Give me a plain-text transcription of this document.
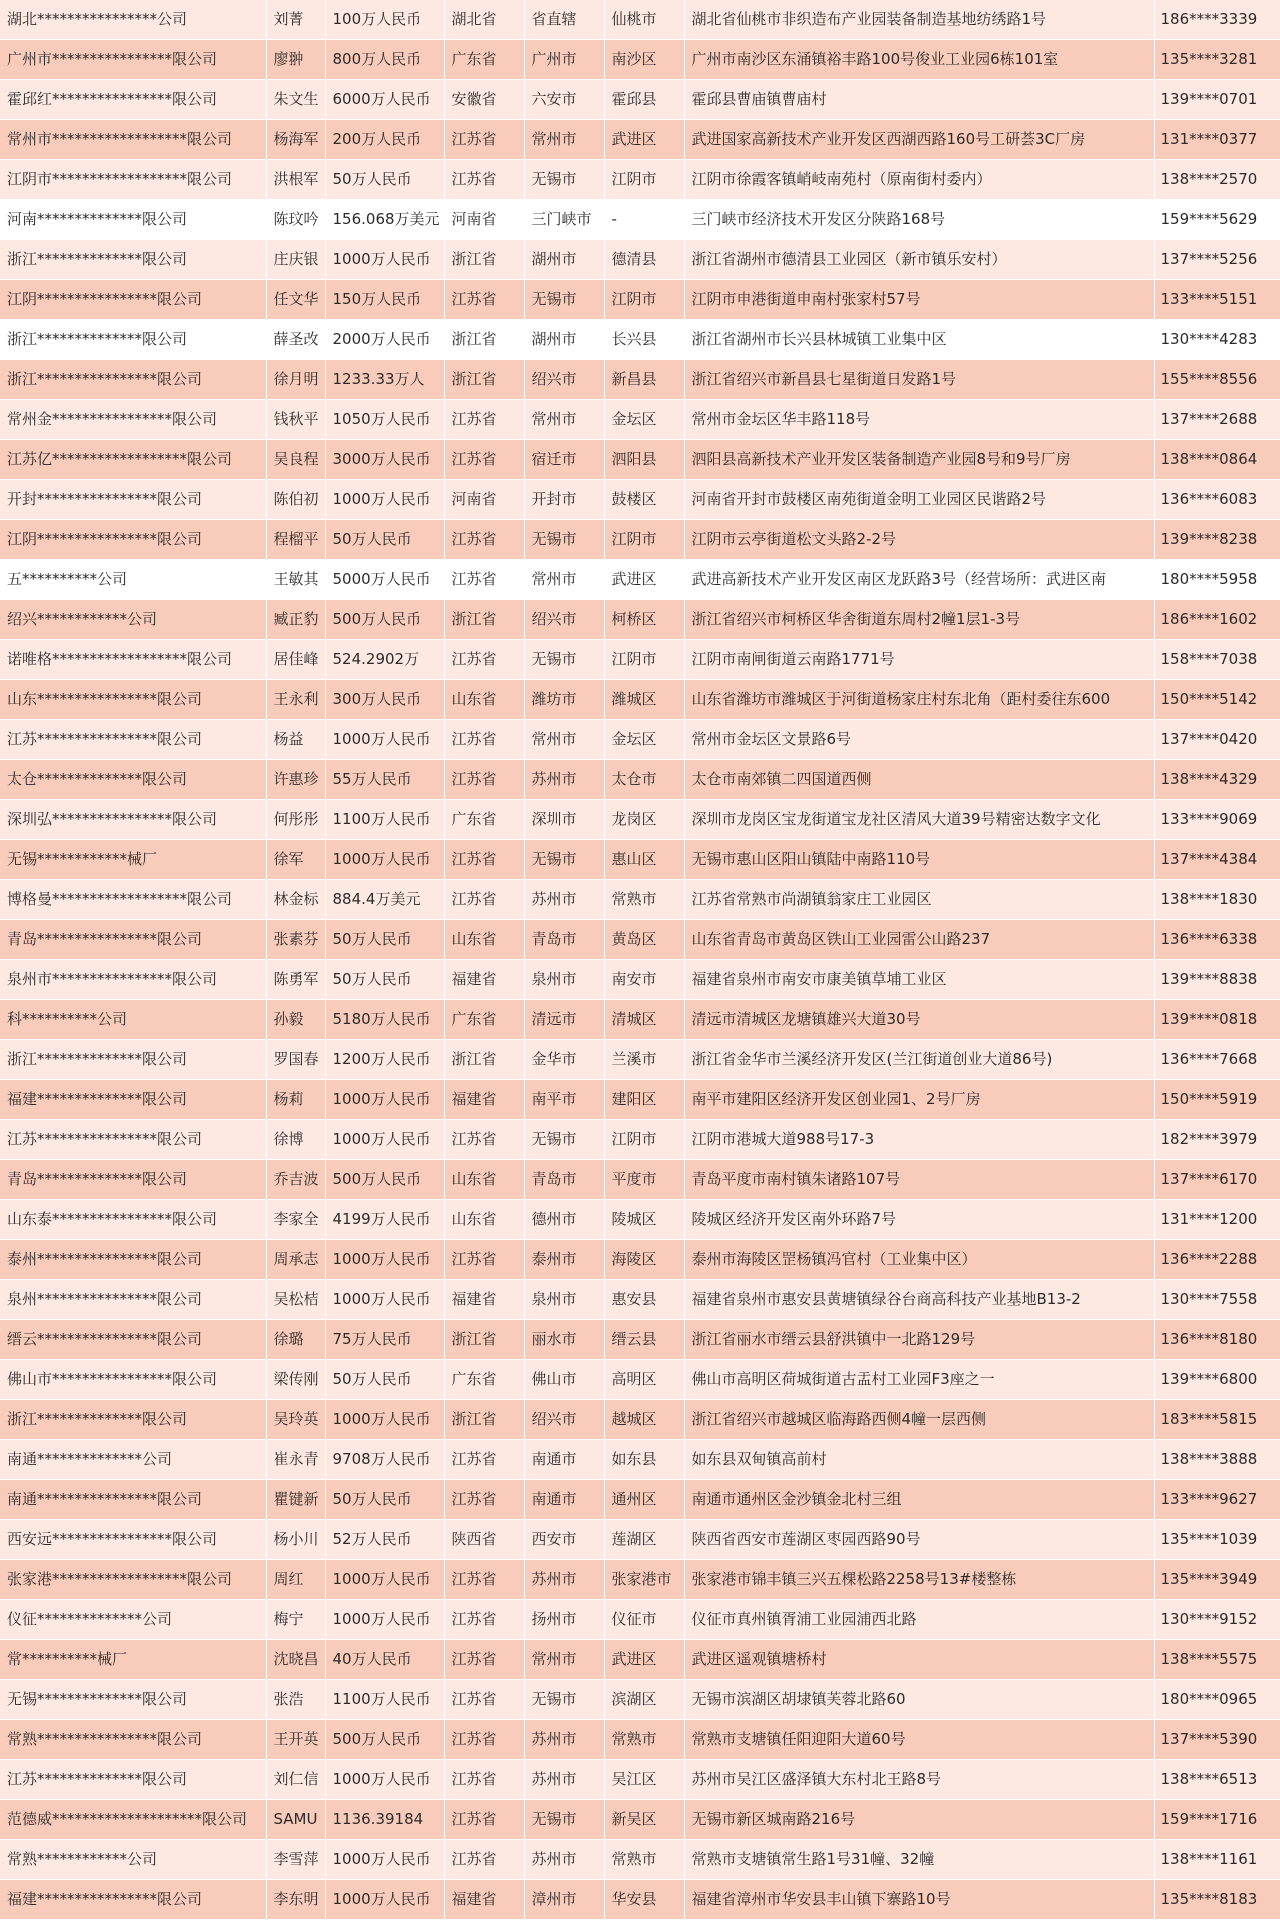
湖北****************公司	刘菁	100万人民币	湖北省	省直辖	仙桃市	湖北省仙桃市非织造布产业园装备制造基地纺绣路1号	186****3339
广州市****************限公司	廖翀	800万人民币	广东省	广州市	南沙区	广州市南沙区东涌镇裕丰路100号俊业工业园6栋101室	135****3281
霍邱红****************限公司	朱文生	6000万人民币	安徽省	六安市	霍邱县	霍邱县曹庙镇曹庙村	139****0701
常州市******************限公司	杨海军	200万人民币	江苏省	常州市	武进区	武进国家高新技术产业开发区西湖西路160号工研荟3C厂房	131****0377
江阴市******************限公司	洪根军	50万人民币	江苏省	无锡市	江阴市	江阴市徐霞客镇峭岐南苑村（原南街村委内）	138****2570
河南**************限公司	陈玟吟	156.068万美元	河南省	三门峡市	-	三门峡市经济技术开发区分陕路168号	159****5629
浙江**************限公司	庄庆银	1000万人民币	浙江省	湖州市	德清县	浙江省湖州市德清县工业园区（新市镇乐安村）	137****5256
江阴****************限公司	任文华	150万人民币	江苏省	无锡市	江阴市	江阴市申港街道申南村张家村57号	133****5151
浙江**************限公司	薛圣改	2000万人民币	浙江省	湖州市	长兴县	浙江省湖州市长兴县林城镇工业集中区	130****4283
浙江****************限公司	徐月明	1233.33万人	浙江省	绍兴市	新昌县	浙江省绍兴市新昌县七星街道日发路1号	155****8556
常州金****************限公司	钱秋平	1050万人民币	江苏省	常州市	金坛区	常州市金坛区华丰路118号	137****2688
江苏亿******************限公司	吴良程	3000万人民币	江苏省	宿迁市	泗阳县	泗阳县高新技术产业开发区装备制造产业园8号和9号厂房	138****0864
开封****************限公司	陈伯初	1000万人民币	河南省	开封市	鼓楼区	河南省开封市鼓楼区南苑街道金明工业园区民谐路2号	136****6083
江阴****************限公司	程榴平	50万人民币	江苏省	无锡市	江阴市	江阴市云亭街道松文头路2-2号	139****8238
五**********公司	王敏其	5000万人民币	江苏省	常州市	武进区	武进高新技术产业开发区南区龙跃路3号（经营场所：武进区南	180****5958
绍兴************公司	臧正豹	500万人民币	浙江省	绍兴市	柯桥区	浙江省绍兴市柯桥区华舍街道东周村2幢1层1-3号	186****1602
诺唯格******************限公司	居佳峰	524.2902万	江苏省	无锡市	江阴市	江阴市南闸街道云南路1771号	158****7038
山东****************限公司	王永利	300万人民币	山东省	潍坊市	潍城区	山东省潍坊市潍城区于河街道杨家庄村东北角（距村委往东600	150****5142
江苏****************限公司	杨益	1000万人民币	江苏省	常州市	金坛区	常州市金坛区文景路6号	137****0420
太仓**************限公司	许惠珍	55万人民币	江苏省	苏州市	太仓市	太仓市南郊镇二四国道西侧	138****4329
深圳弘****************限公司	何彤彤	1100万人民币	广东省	深圳市	龙岗区	深圳市龙岗区宝龙街道宝龙社区清风大道39号精密达数字文化	133****9069
无锡************械厂	徐军	1000万人民币	江苏省	无锡市	惠山区	无锡市惠山区阳山镇陆中南路110号	137****4384
博格曼******************限公司	林金标	884.4万美元	江苏省	苏州市	常熟市	江苏省常熟市尚湖镇翁家庄工业园区	138****1830
青岛****************限公司	张素芬	50万人民币	山东省	青岛市	黄岛区	山东省青岛市黄岛区铁山工业园雷公山路237	136****6338
泉州市****************限公司	陈勇军	50万人民币	福建省	泉州市	南安市	福建省泉州市南安市康美镇草埔工业区	139****8838
科**********公司	孙毅	5180万人民币	广东省	清远市	清城区	清远市清城区龙塘镇雄兴大道30号	139****0818
浙江**************限公司	罗国春	1200万人民币	浙江省	金华市	兰溪市	浙江省金华市兰溪经济开发区(兰江街道创业大道86号)	136****7668
福建**************限公司	杨莉	1000万人民币	福建省	南平市	建阳区	南平市建阳区经济开发区创业园1、2号厂房	150****5919
江苏****************限公司	徐博	1000万人民币	江苏省	无锡市	江阴市	江阴市港城大道988号17-3	182****3979
青岛**************限公司	乔吉波	500万人民币	山东省	青岛市	平度市	青岛平度市南村镇朱诸路107号	137****6170
山东泰****************限公司	李家全	4199万人民币	山东省	德州市	陵城区	陵城区经济开发区南外环路7号	131****1200
泰州****************限公司	周承志	1000万人民币	江苏省	泰州市	海陵区	泰州市海陵区罡杨镇冯官村（工业集中区）	136****2288
泉州****************限公司	吴松桔	1000万人民币	福建省	泉州市	惠安县	福建省泉州市惠安县黄塘镇绿谷台商高科技产业基地B13-2	130****7558
缙云****************限公司	徐璐	75万人民币	浙江省	丽水市	缙云县	浙江省丽水市缙云县舒洪镇中一北路129号	136****8180
佛山市****************限公司	梁传刚	50万人民币	广东省	佛山市	高明区	佛山市高明区荷城街道古盂村工业园F3座之一	139****6800
浙江**************限公司	吴玲英	1000万人民币	浙江省	绍兴市	越城区	浙江省绍兴市越城区临海路西侧4幢一层西侧	183****5815
南通**************公司	崔永青	9708万人民币	江苏省	南通市	如东县	如东县双甸镇高前村	138****3888
南通****************限公司	瞿键新	50万人民币	江苏省	南通市	通州区	南通市通州区金沙镇金北村三组	133****9627
西安远****************限公司	杨小川	52万人民币	陕西省	西安市	莲湖区	陕西省西安市莲湖区枣园西路90号	135****1039
张家港******************限公司	周红	1000万人民币	江苏省	苏州市	张家港市	张家港市锦丰镇三兴五棵松路2258号13#楼整栋	135****3949
仪征**************公司	梅宁	1000万人民币	江苏省	扬州市	仪征市	仪征市真州镇胥浦工业园浦西北路	130****9152
常**********械厂	沈晓昌	40万人民币	江苏省	常州市	武进区	武进区遥观镇塘桥村	138****5575
无锡**************限公司	张浩	1100万人民币	江苏省	无锡市	滨湖区	无锡市滨湖区胡埭镇芙蓉北路60	180****0965
常熟****************限公司	王开英	500万人民币	江苏省	苏州市	常熟市	常熟市支塘镇任阳迎阳大道60号	137****5390
江苏**************限公司	刘仁信	1000万人民币	江苏省	苏州市	吴江区	苏州市吴江区盛泽镇大东村北王路8号	138****6513
范德威********************限公司	SAMU	1136.39184	江苏省	无锡市	新吴区	无锡市新区城南路216号	159****1716
常熟************公司	李雪萍	1000万人民币	江苏省	苏州市	常熟市	常熟市支塘镇常生路1号31幢、32幢	138****1161
福建****************限公司	李东明	1000万人民币	福建省	漳州市	华安县	福建省漳州市华安县丰山镇下寨路10号	135****8183
